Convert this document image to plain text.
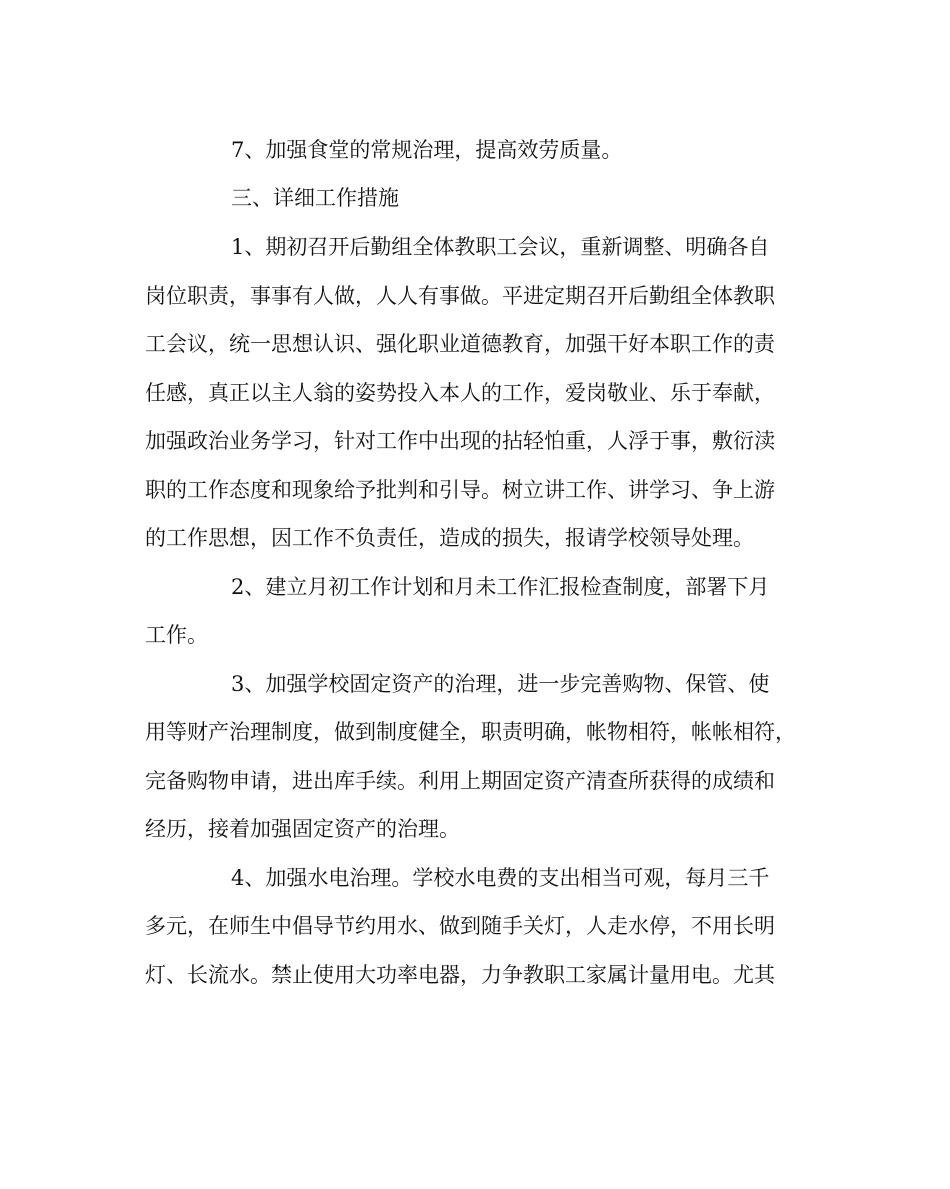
7、加强食堂的常规治理，提高效劳质量。
三、详细工作措施
1、期初召开后勤组全体教职工会议，重新调整、明确各自
岗位职责，事事有人做，人人有事做。平进定期召开后勤组全体教职
工会议，统一思想认识、强化职业道德教育，加强干好本职工作的责
任感，真正以主人翁的姿势投入本人的工作，爱岗敬业、乐于奉献，
加强政治业务学习，针对工作中出现的拈轻怕重，人浮于事，敷衍渎
职的工作态度和现象给予批判和引导。树立讲工作、讲学习、争上游
的工作思想，因工作不负责任，造成的损失，报请学校领导处理。
2、建立月初工作计划和月未工作汇报检查制度，部署下月
工作。
3、加强学校固定资产的治理，进一步完善购物、保管、使
用等财产治理制度，做到制度健全，职责明确，帐物相符，帐帐相符，
完备购物申请，进出库手续。利用上期固定资产清查所获得的成绩和
经历，接着加强固定资产的治理。
4、加强水电治理。学校水电费的支出相当可观，每月三千
多元，在师生中倡导节约用水、做到随手关灯，人走水停，不用长明
灯、长流水。禁止使用大功率电器，力争教职工家属计量用电。尤其
